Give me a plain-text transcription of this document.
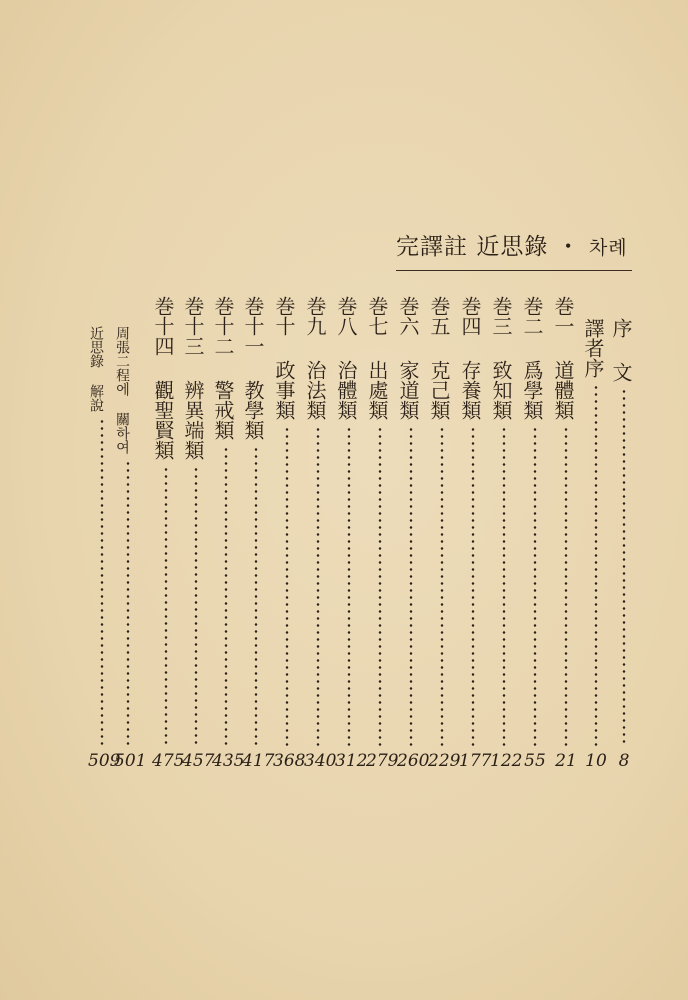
完譯註 近思錄 ・ 차례
序 文
8
譯者序
10
巻一 道體類
21
巻二 爲學類
55
巻三 致知類
122
巻四 存養類
177
巻五 克己類
229
巻六 家道類
260
巻七 出處類
279
巻八 治體類
312
巻九 治法類
340
巻十 政事類
368
巻十一 教學類
417
巻十二 警戒類
435
巻十三 辨異端類
457
巻十四 觀聖賢類
475
周張二程에 關하여
501
近思錄 解說
509
